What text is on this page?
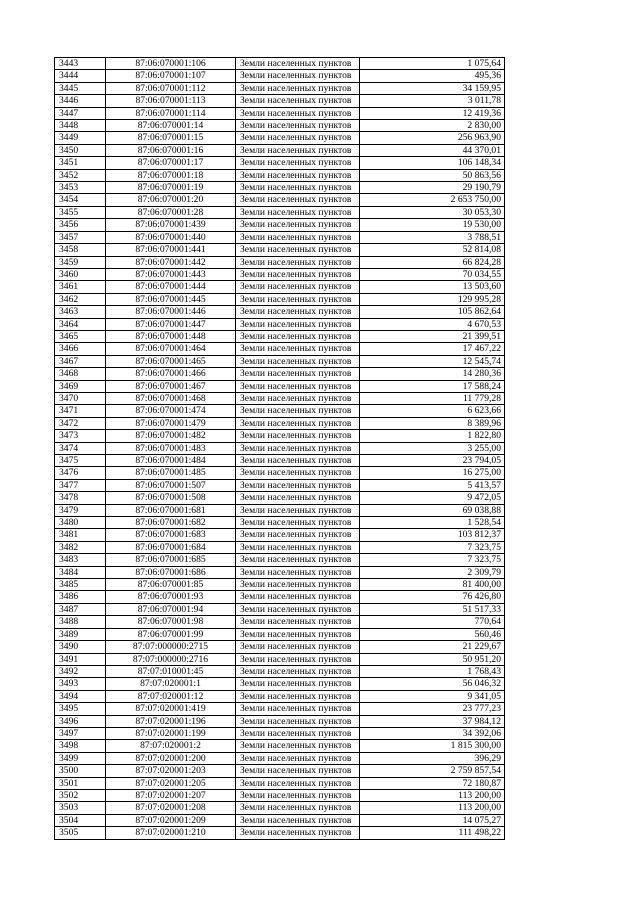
3443	87:06:070001:106	Земли населенных пунктов	1 075,64
3444	87:06:070001:107	Земли населенных пунктов	495,36
3445	87:06:070001:112	Земли населенных пунктов	34 159,95
3446	87:06:070001:113	Земли населенных пунктов	3 011,78
3447	87:06:070001:114	Земли населенных пунктов	12 419,36
3448	87:06:070001:14	Земли населенных пунктов	2 830,00
3449	87:06:070001:15	Земли населенных пунктов	256 963,90
3450	87:06:070001:16	Земли населенных пунктов	44 370,01
3451	87:06:070001:17	Земли населенных пунктов	106 148,34
3452	87:06:070001:18	Земли населенных пунктов	50 863,56
3453	87:06:070001:19	Земли населенных пунктов	29 190,79
3454	87:06:070001:20	Земли населенных пунктов	2 653 750,00
3455	87:06:070001:28	Земли населенных пунктов	30 053,30
3456	87:06:070001:439	Земли населенных пунктов	19 530,00
3457	87:06:070001:440	Земли населенных пунктов	3 788,51
3458	87:06:070001:441	Земли населенных пунктов	52 814,08
3459	87:06:070001:442	Земли населенных пунктов	66 824,28
3460	87:06:070001:443	Земли населенных пунктов	70 034,55
3461	87:06:070001:444	Земли населенных пунктов	13 503,60
3462	87:06:070001:445	Земли населенных пунктов	129 995,28
3463	87:06:070001:446	Земли населенных пунктов	105 862,64
3464	87:06:070001:447	Земли населенных пунктов	4 670,53
3465	87:06:070001:448	Земли населенных пунктов	21 399,51
3466	87:06:070001:464	Земли населенных пунктов	17 467,22
3467	87:06:070001:465	Земли населенных пунктов	12 545,74
3468	87:06:070001:466	Земли населенных пунктов	14 280,36
3469	87:06:070001:467	Земли населенных пунктов	17 588,24
3470	87:06:070001:468	Земли населенных пунктов	11 779,28
3471	87:06:070001:474	Земли населенных пунктов	6 623,66
3472	87:06:070001:479	Земли населенных пунктов	8 389,96
3473	87:06:070001:482	Земли населенных пунктов	1 822,80
3474	87:06:070001:483	Земли населенных пунктов	3 255,00
3475	87:06:070001:484	Земли населенных пунктов	23 794,05
3476	87:06:070001:485	Земли населенных пунктов	16 275,00
3477	87:06:070001:507	Земли населенных пунктов	5 413,57
3478	87:06:070001:508	Земли населенных пунктов	9 472,05
3479	87:06:070001:681	Земли населенных пунктов	69 038,88
3480	87:06:070001:682	Земли населенных пунктов	1 528,54
3481	87:06:070001:683	Земли населенных пунктов	103 812,37
3482	87:06:070001:684	Земли населенных пунктов	7 323,75
3483	87:06:070001:685	Земли населенных пунктов	7 323,75
3484	87:06:070001:686	Земли населенных пунктов	2 309,79
3485	87:06:070001:85	Земли населенных пунктов	81 400,00
3486	87:06:070001:93	Земли населенных пунктов	76 426,80
3487	87:06:070001:94	Земли населенных пунктов	51 517,33
3488	87:06:070001:98	Земли населенных пунктов	770,64
3489	87:06:070001:99	Земли населенных пунктов	560,46
3490	87:07:000000:2715	Земли населенных пунктов	21 229,67
3491	87:07:000000:2716	Земли населенных пунктов	50 951,20
3492	87:07:010001:45	Земли населенных пунктов	1 768,43
3493	87:07:020001:1	Земли населенных пунктов	56 046,32
3494	87:07:020001:12	Земли населенных пунктов	9 341,05
3495	87:07:020001:419	Земли населенных пунктов	23 777,23
3496	87:07:020001:196	Земли населенных пунктов	37 984,12
3497	87:07:020001:199	Земли населенных пунктов	34 392,06
3498	87:07:020001:2	Земли населенных пунктов	1 815 300,00
3499	87:07:020001:200	Земли населенных пунктов	396,29
3500	87:07:020001:203	Земли населенных пунктов	2 759 857,54
3501	87:07:020001:205	Земли населенных пунктов	72 180,87
3502	87:07:020001:207	Земли населенных пунктов	113 200,00
3503	87:07:020001:208	Земли населенных пунктов	113 200,00
3504	87:07:020001:209	Земли населенных пунктов	14 075,27
3505	87:07:020001:210	Земли населенных пунктов	111 498,22
